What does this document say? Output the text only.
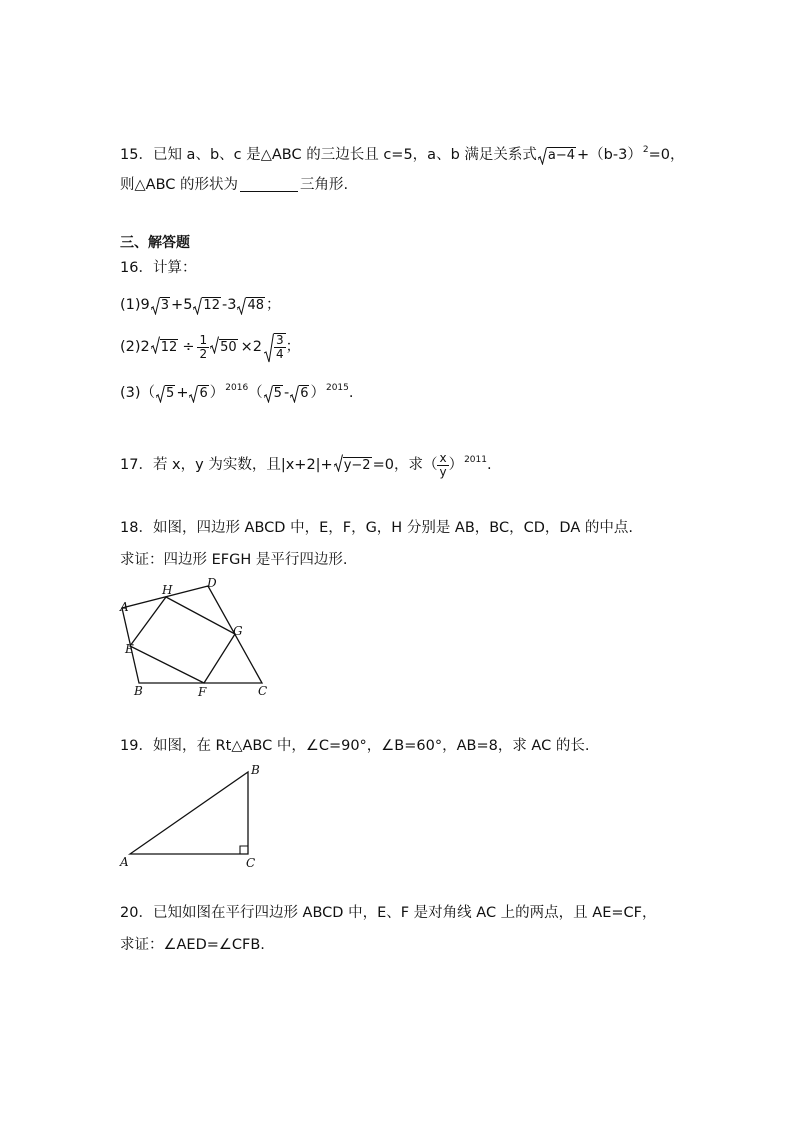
15．已知 a、b、c 是△ABC 的三边长且 c=5，a、b 满足关系式 $a-4 +(b-3)^2=0$，
则△ABC 的形状为	三角形.
三、解答题
16．计算：
(1)9 3 +5 12 -3 48 ；
(2)2 $12 \div \frac{1}{2} 50 \times 2 \frac{3}{4}$ ；
(3)（ 5 + 6 ）$^{2016}$（ 5 - 6 ）$^{2015}$.
17．若 x，y 为实数，且|x+2|+ y−2 =0，求（ $\frac{x}{y} )^{2011}$.
18．如图，四边形 ABCD 中，E，F，G，H 分别是 AB，BC，CD，DA 的中点.
求证：四边形 EFGH 是平行四边形.
A
B	C
D
E
F
G
H
19．如图，在 Rt△ABC 中，∠C=90°，∠B=60°，AB=8，求 AC 的长.
A
B
C
20．已知如图在平行四边形 ABCD 中，E、F 是对角线 AC 上的两点，且 AE=CF，
求证：∠AED=∠CFB.
